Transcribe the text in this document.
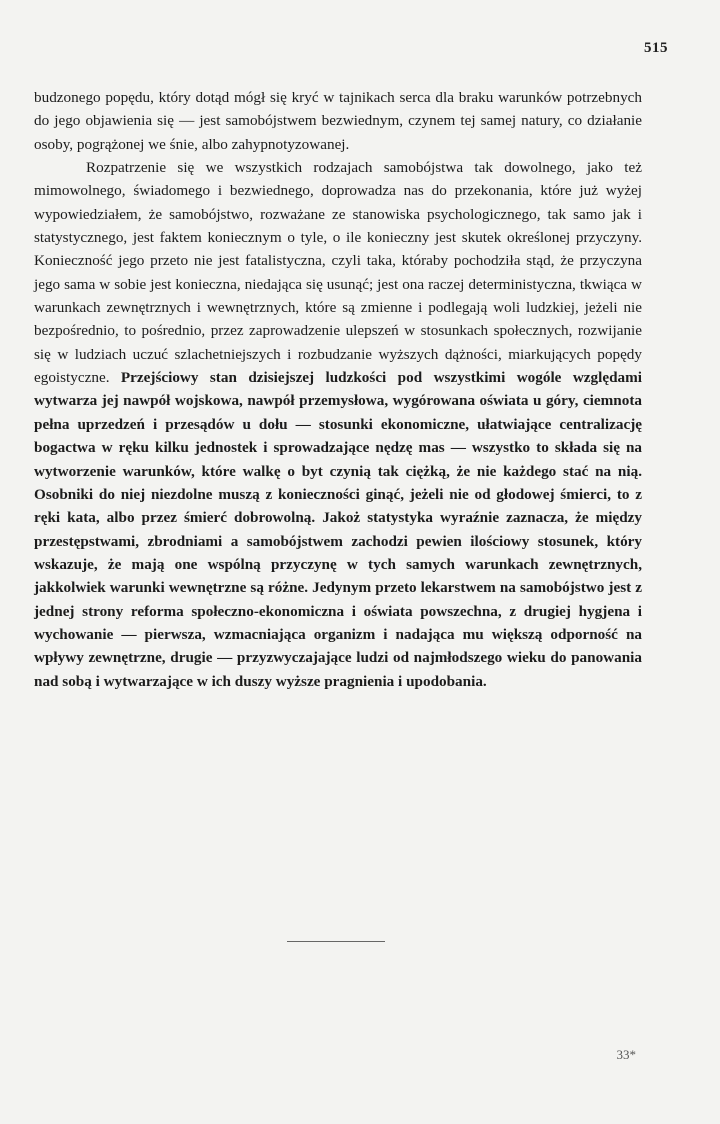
515

budzonego popędu, który dotąd mógł się kryć w tajnikach serca dla braku warunków potrzebnych do jego objawienia się — jest samobójstwem bezwiednym, czynem tej samej natury, co działanie osoby, pogrążonej we śnie, albo zahypnotyzowanej.

Rozpatrzenie się we wszystkich rodzajach samobójstwa tak dowolnego, jako też mimowolnego, świadomego i bezwiednego, doprowadza nas do przekonania, które już wyżej wypowiedziałem, że samobójstwo, rozważane ze stanowiska psychologicznego, tak samo jak i statystycznego, jest faktem koniecznym o tyle, o ile konieczny jest skutek określonej przyczyny. Konieczność jego przeto nie jest fatalistyczna, czyli taka, któraby pochodziła stąd, że przyczyna jego sama w sobie jest konieczna, niedająca się usunąć; jest ona raczej deterministyczna, tkwiąca w warunkach zewnętrznych i wewnętrznych, które są zmienne i podlegają woli ludzkiej, jeżeli nie bezpośrednio, to pośrednio, przez zaprowadzenie ulepszeń w stosunkach społecznych, rozwijanie się w ludziach uczuć szlachetniejszych i rozbudzanie wyższych dążności, miarkujących popędy egoistyczne. Przejściowy stan dzisiejszej ludzkości pod wszystkimi wogóle względami wytwarza jej nawpół wojskowa, nawpół przemysłowa, wygórowana oświata u góry, ciemnota pełna uprzedzeń i przesądów u dołu — stosunki ekonomiczne, ułatwiające centralizację bogactwa w ręku kilku jednostek i sprowadzające nędzę mas — wszystko to składa się na wytworzenie warunków, które walkę o byt czynią tak ciężką, że nie każdego stać na nią. Osobniki do niej niezdolne muszą z konieczności ginąć, jeżeli nie od głodowej śmierci, to z ręki kata, albo przez śmierć dobrowolną. Jakoż statystyka wyraźnie zaznacza, że między przestępstwami, zbrodniami a samobójstwem zachodzi pewien ilościowy stosunek, który wskazuje, że mają one wspólną przyczynę w tych samych warunkach zewnętrznych, jakkolwiek warunki wewnętrzne są różne. Jedynym przeto lekarstwem na samobójstwo jest z jednej strony reforma społeczno-ekonomiczna i oświata powszechna, z drugiej hygjena i wychowanie — pierwsza, wzmacniająca organizm i nadająca mu większą odporność na wpływy zewnętrzne, drugie — przyzwyczajające ludzi od najmłodszego wieku do panowania nad sobą i wytwarzające w ich duszy wyższe pragnienia i upodobania.

33*
